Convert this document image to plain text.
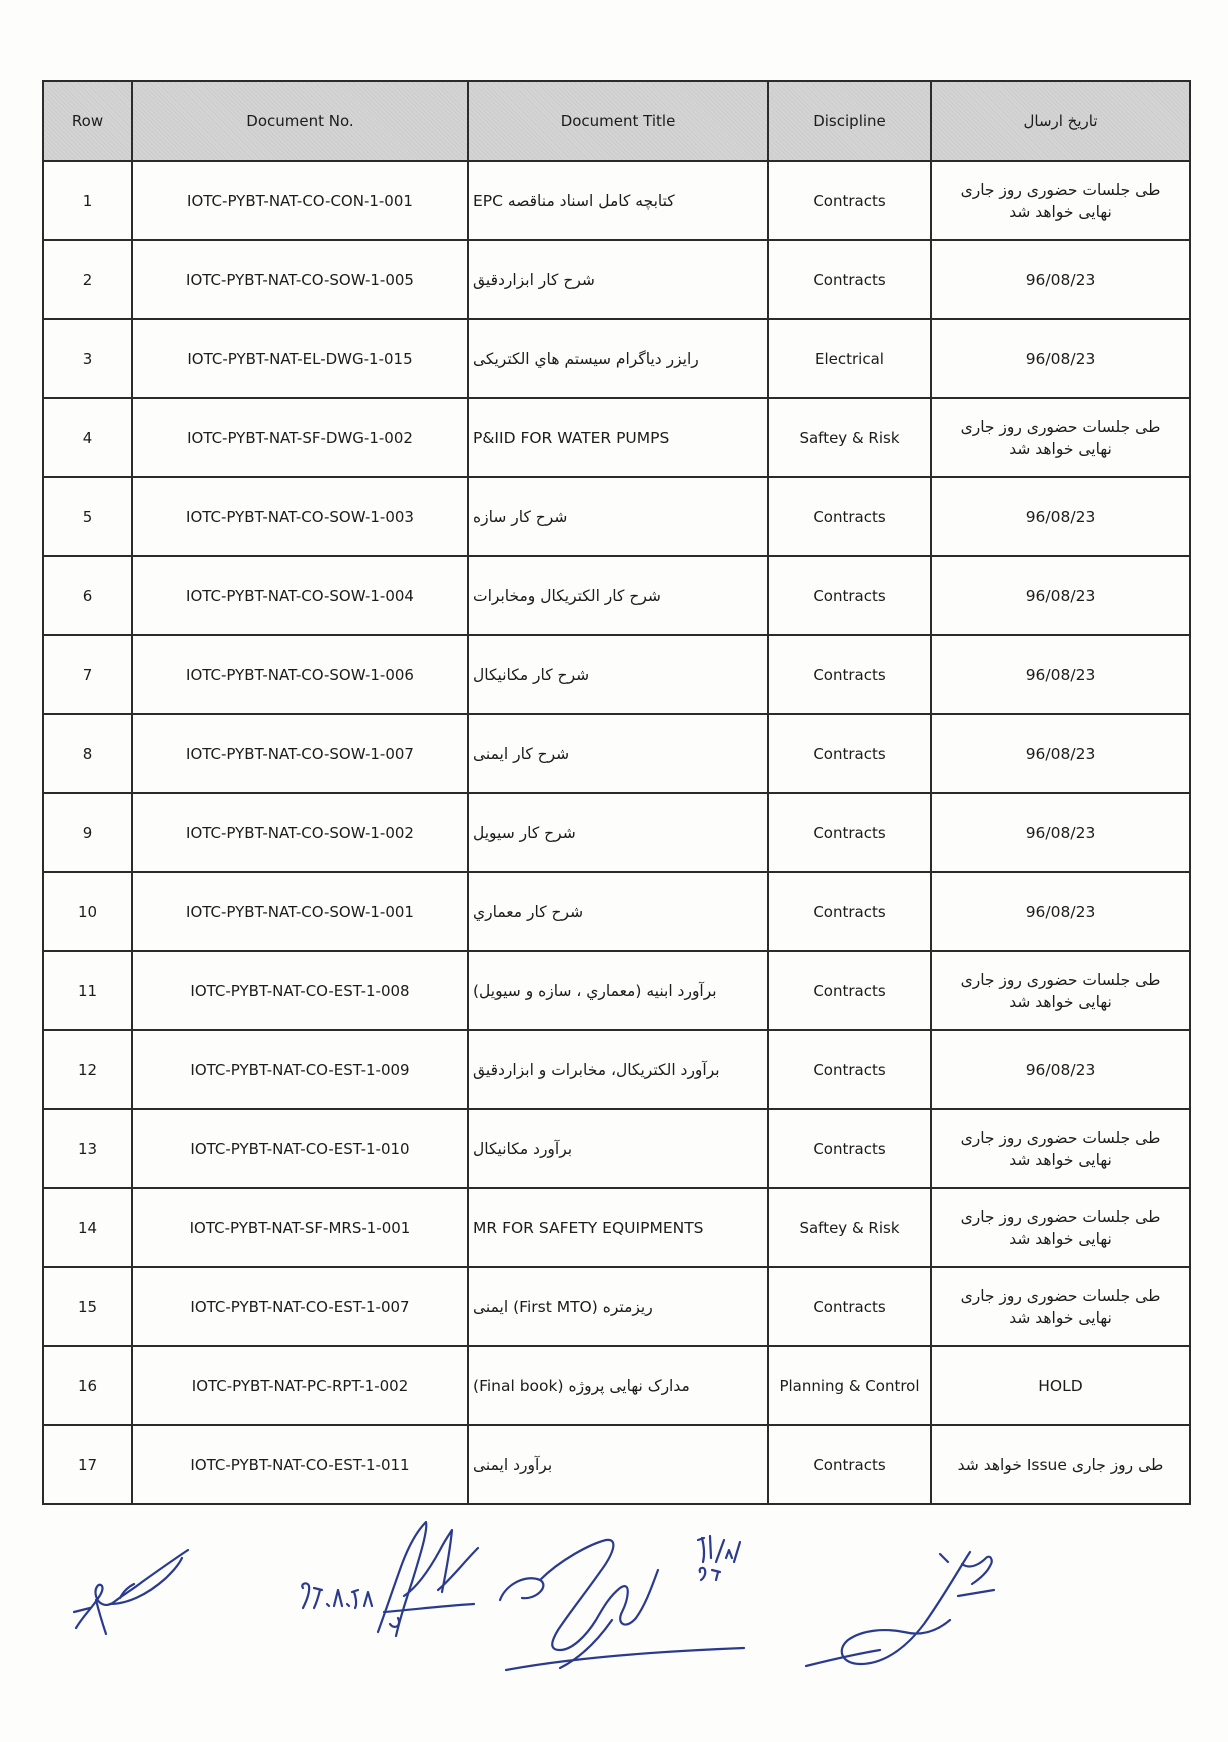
Row	Document No.	Document Title	Discipline	تاریخ ارسال
1	IOTC-PYBT-NAT-CO-CON-1-001	کتابچه کامل اسناد مناقصه EPC	Contracts	طی جلسات حضوری روز جاری
نهایی خواهد شد

2	IOTC-PYBT-NAT-CO-SOW-1-005	شرح کار ابزاردقیق	Contracts	96/08/23

3	IOTC-PYBT-NAT-EL-DWG-1-015	رایزر دیاگرام سیستم هاي الکتریکی	Electrical	96/08/23

4	IOTC-PYBT-NAT-SF-DWG-1-002	P&IID FOR WATER PUMPS	Saftey & Risk	طی جلسات حضوری روز جاری
نهایی خواهد شد

5	IOTC-PYBT-NAT-CO-SOW-1-003	شرح کار سازه	Contracts	96/08/23

6	IOTC-PYBT-NAT-CO-SOW-1-004	شرح کار الکتریکال ومخابرات	Contracts	96/08/23

7	IOTC-PYBT-NAT-CO-SOW-1-006	شرح کار مکانیکال	Contracts	96/08/23

8	IOTC-PYBT-NAT-CO-SOW-1-007	شرح کار ایمنی	Contracts	96/08/23

9	IOTC-PYBT-NAT-CO-SOW-1-002	شرح کار سیویل	Contracts	96/08/23

10	IOTC-PYBT-NAT-CO-SOW-1-001	شرح کار معماري	Contracts	96/08/23

11	IOTC-PYBT-NAT-CO-EST-1-008	برآورد ابنیه (معماري ، سازه و سیویل)	Contracts	طی جلسات حضوری روز جاری
نهایی خواهد شد

12	IOTC-PYBT-NAT-CO-EST-1-009	برآورد الکتریکال، مخابرات و ابزاردقیق	Contracts	96/08/23

13	IOTC-PYBT-NAT-CO-EST-1-010	برآورد مکانیکال	Contracts	طی جلسات حضوری روز جاری
نهایی خواهد شد

14	IOTC-PYBT-NAT-SF-MRS-1-001	MR FOR SAFETY EQUIPMENTS	Saftey & Risk	طی جلسات حضوری روز جاری
نهایی خواهد شد

15	IOTC-PYBT-NAT-CO-EST-1-007	ریزمتره (First MTO) ایمنی	Contracts	طی جلسات حضوری روز جاری
نهایی خواهد شد

16	IOTC-PYBT-NAT-PC-RPT-1-002	مدارک نهایی پروژه (Final book)	Planning & Control	HOLD

17	IOTC-PYBT-NAT-CO-EST-1-011	برآورد ایمنی	Contracts	طی روز جاری Issue خواهد شد
